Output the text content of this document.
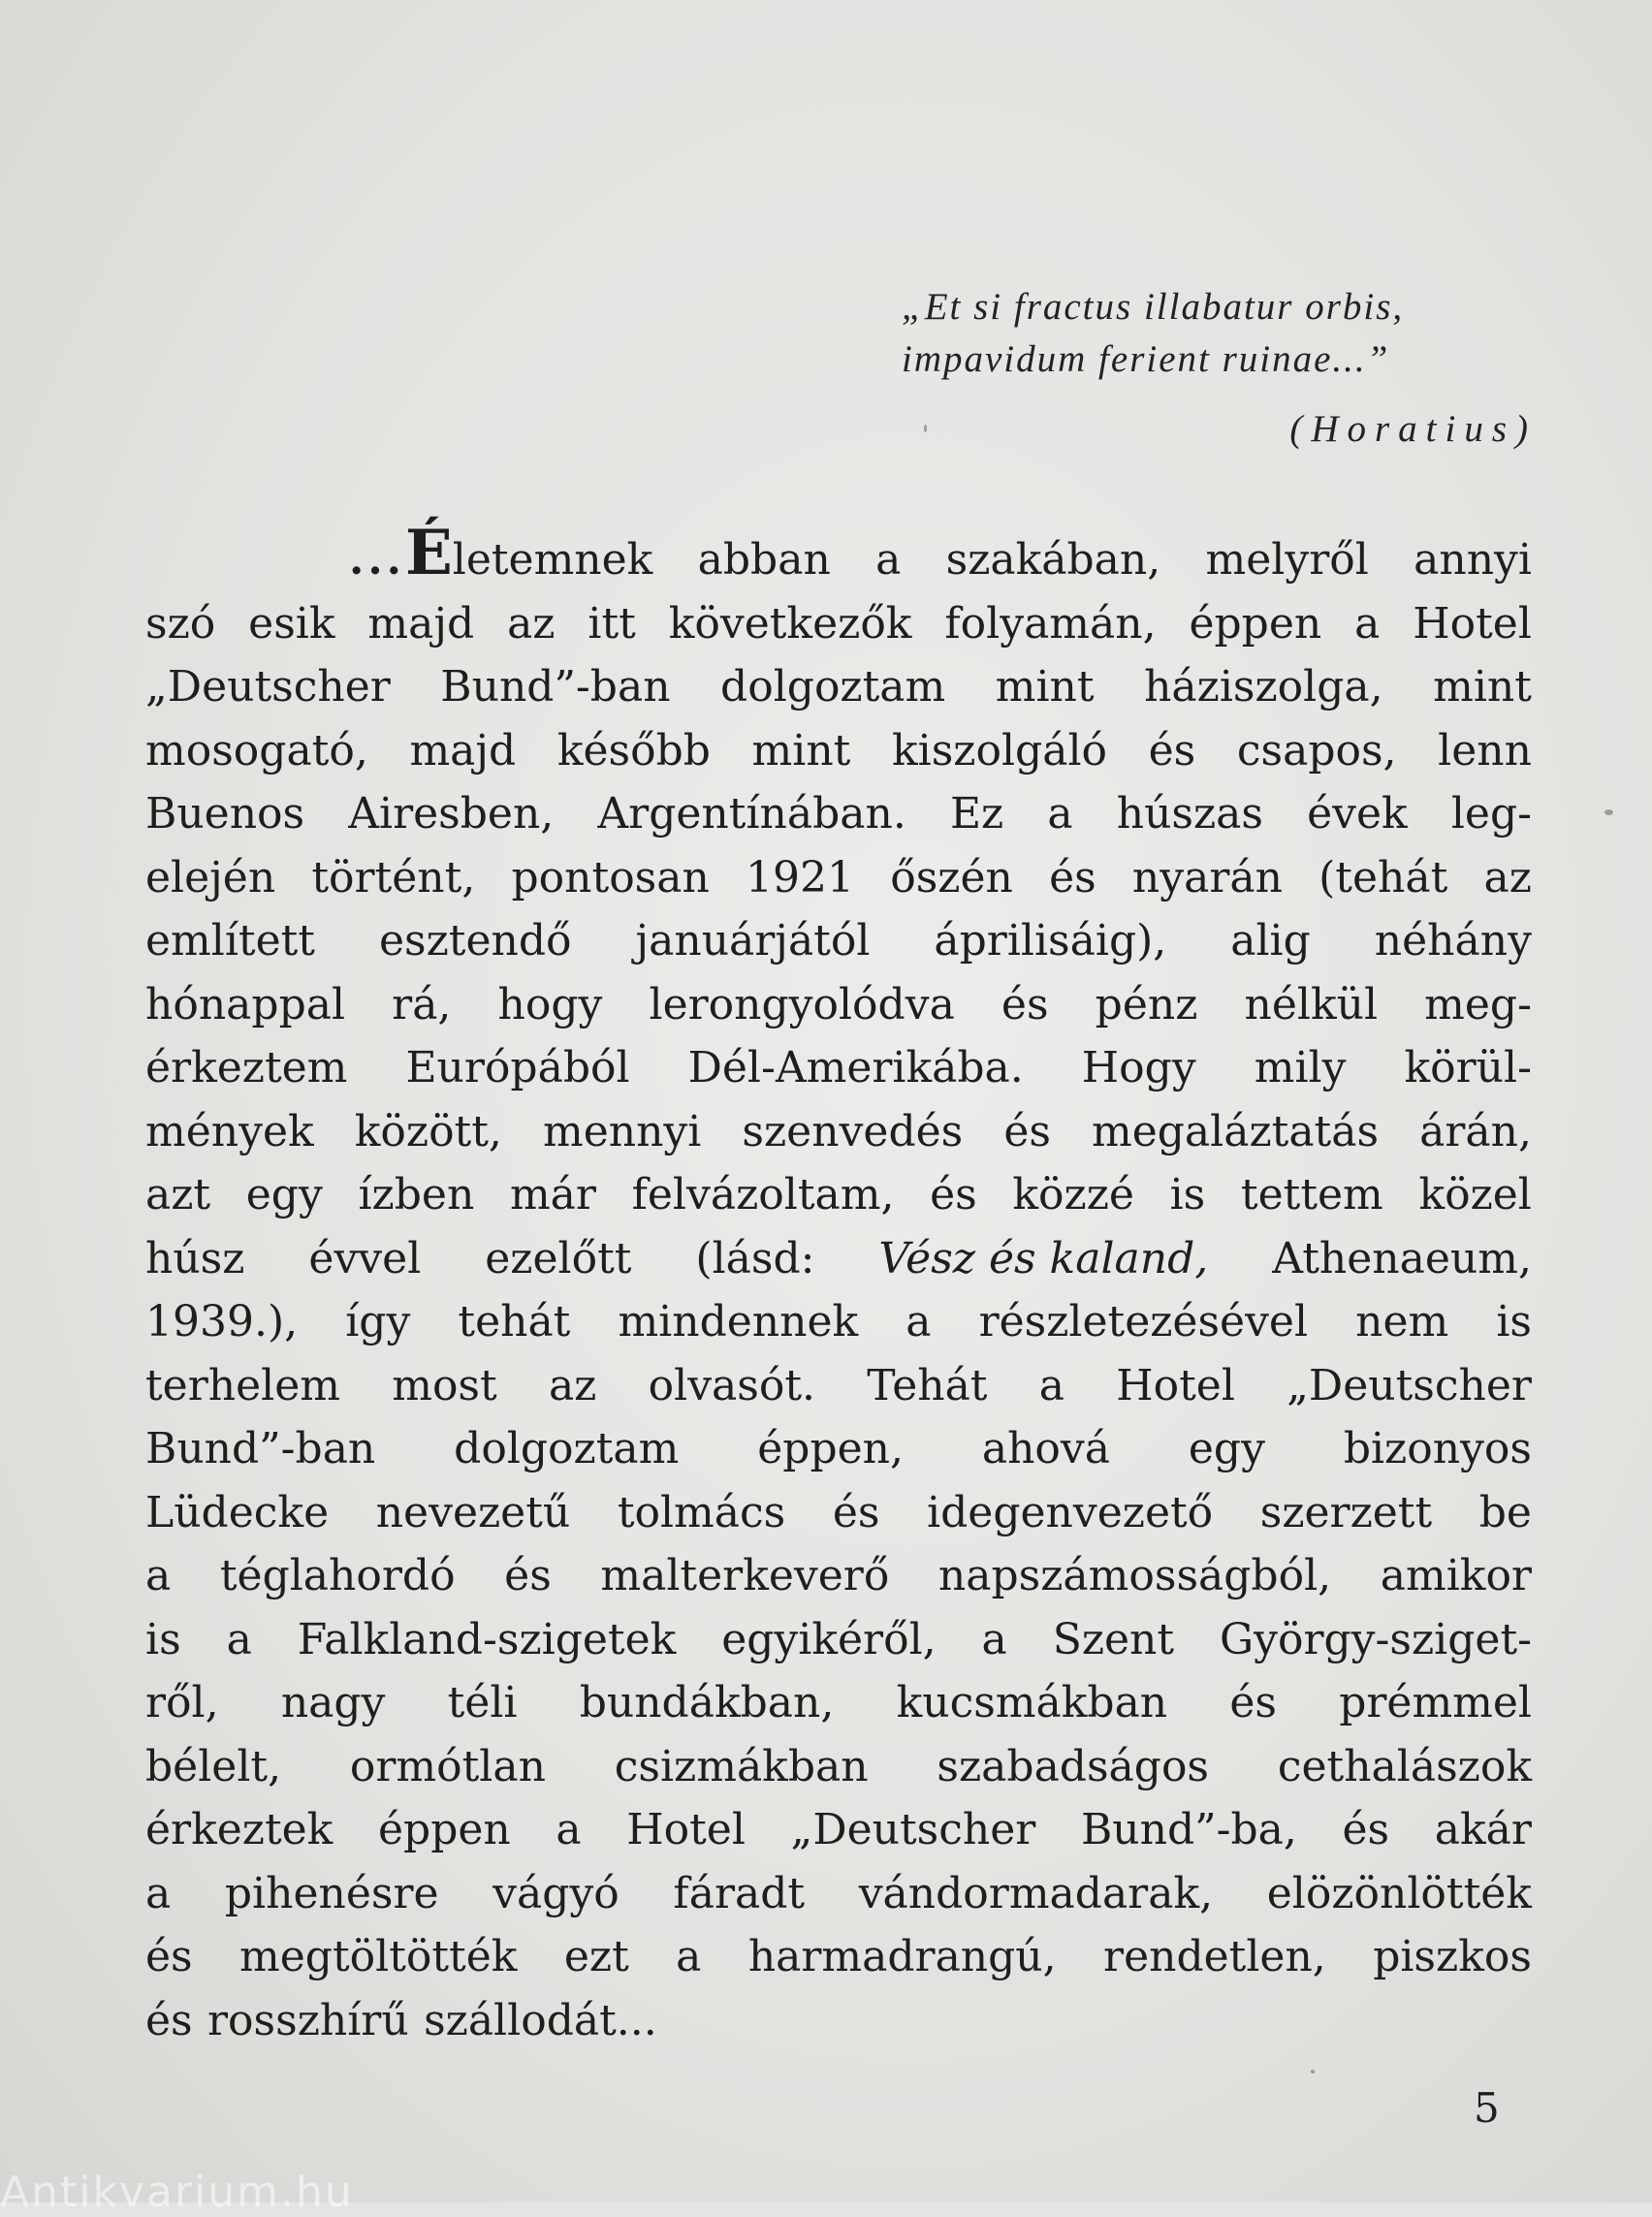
„Et si fractus illabatur orbis,
impavidum ferient ruinae...”
(Horatius)
...Életemnek abban a szakában, melyről annyi
szó esik majd az itt következők folyamán, éppen a Hotel
„Deutscher Bund”-ban dolgoztam mint háziszolga, mint
mosogató, majd később mint kiszolgáló és csapos, lenn
Buenos Airesben, Argentínában. Ez a húszas évek leg-
elején történt, pontosan 1921 őszén és nyarán (tehát az
említett esztendő januárjától áprilisáig), alig néhány
hónappal rá, hogy lerongyolódva és pénz nélkül meg-
érkeztem Európából Dél-Amerikába. Hogy mily körül-
mények között, mennyi szenvedés és megaláztatás árán,
azt egy ízben már felvázoltam, és közzé is tettem közel
húsz évvel ezelőtt (lásd: Vész és kaland, Athenaeum,
1939.), így tehát mindennek a részletezésével nem is
terhelem most az olvasót. Tehát a Hotel „Deutscher
Bund”-ban dolgoztam éppen, ahová egy bizonyos
Lüdecke nevezetű tolmács és idegenvezető szerzett be
a téglahordó és malterkeverő napszámosságból, amikor
is a Falkland-szigetek egyikéről, a Szent György-sziget-
ről, nagy téli bundákban, kucsmákban és prémmel
bélelt, ormótlan csizmákban szabadságos cethalászok
érkeztek éppen a Hotel „Deutscher Bund”-ba, és akár
a pihenésre vágyó fáradt vándormadarak, elözönlötték
és megtöltötték ezt a harmadrangú, rendetlen, piszkos
és rosszhírű szállodát...
5
Antikvarium.hu
